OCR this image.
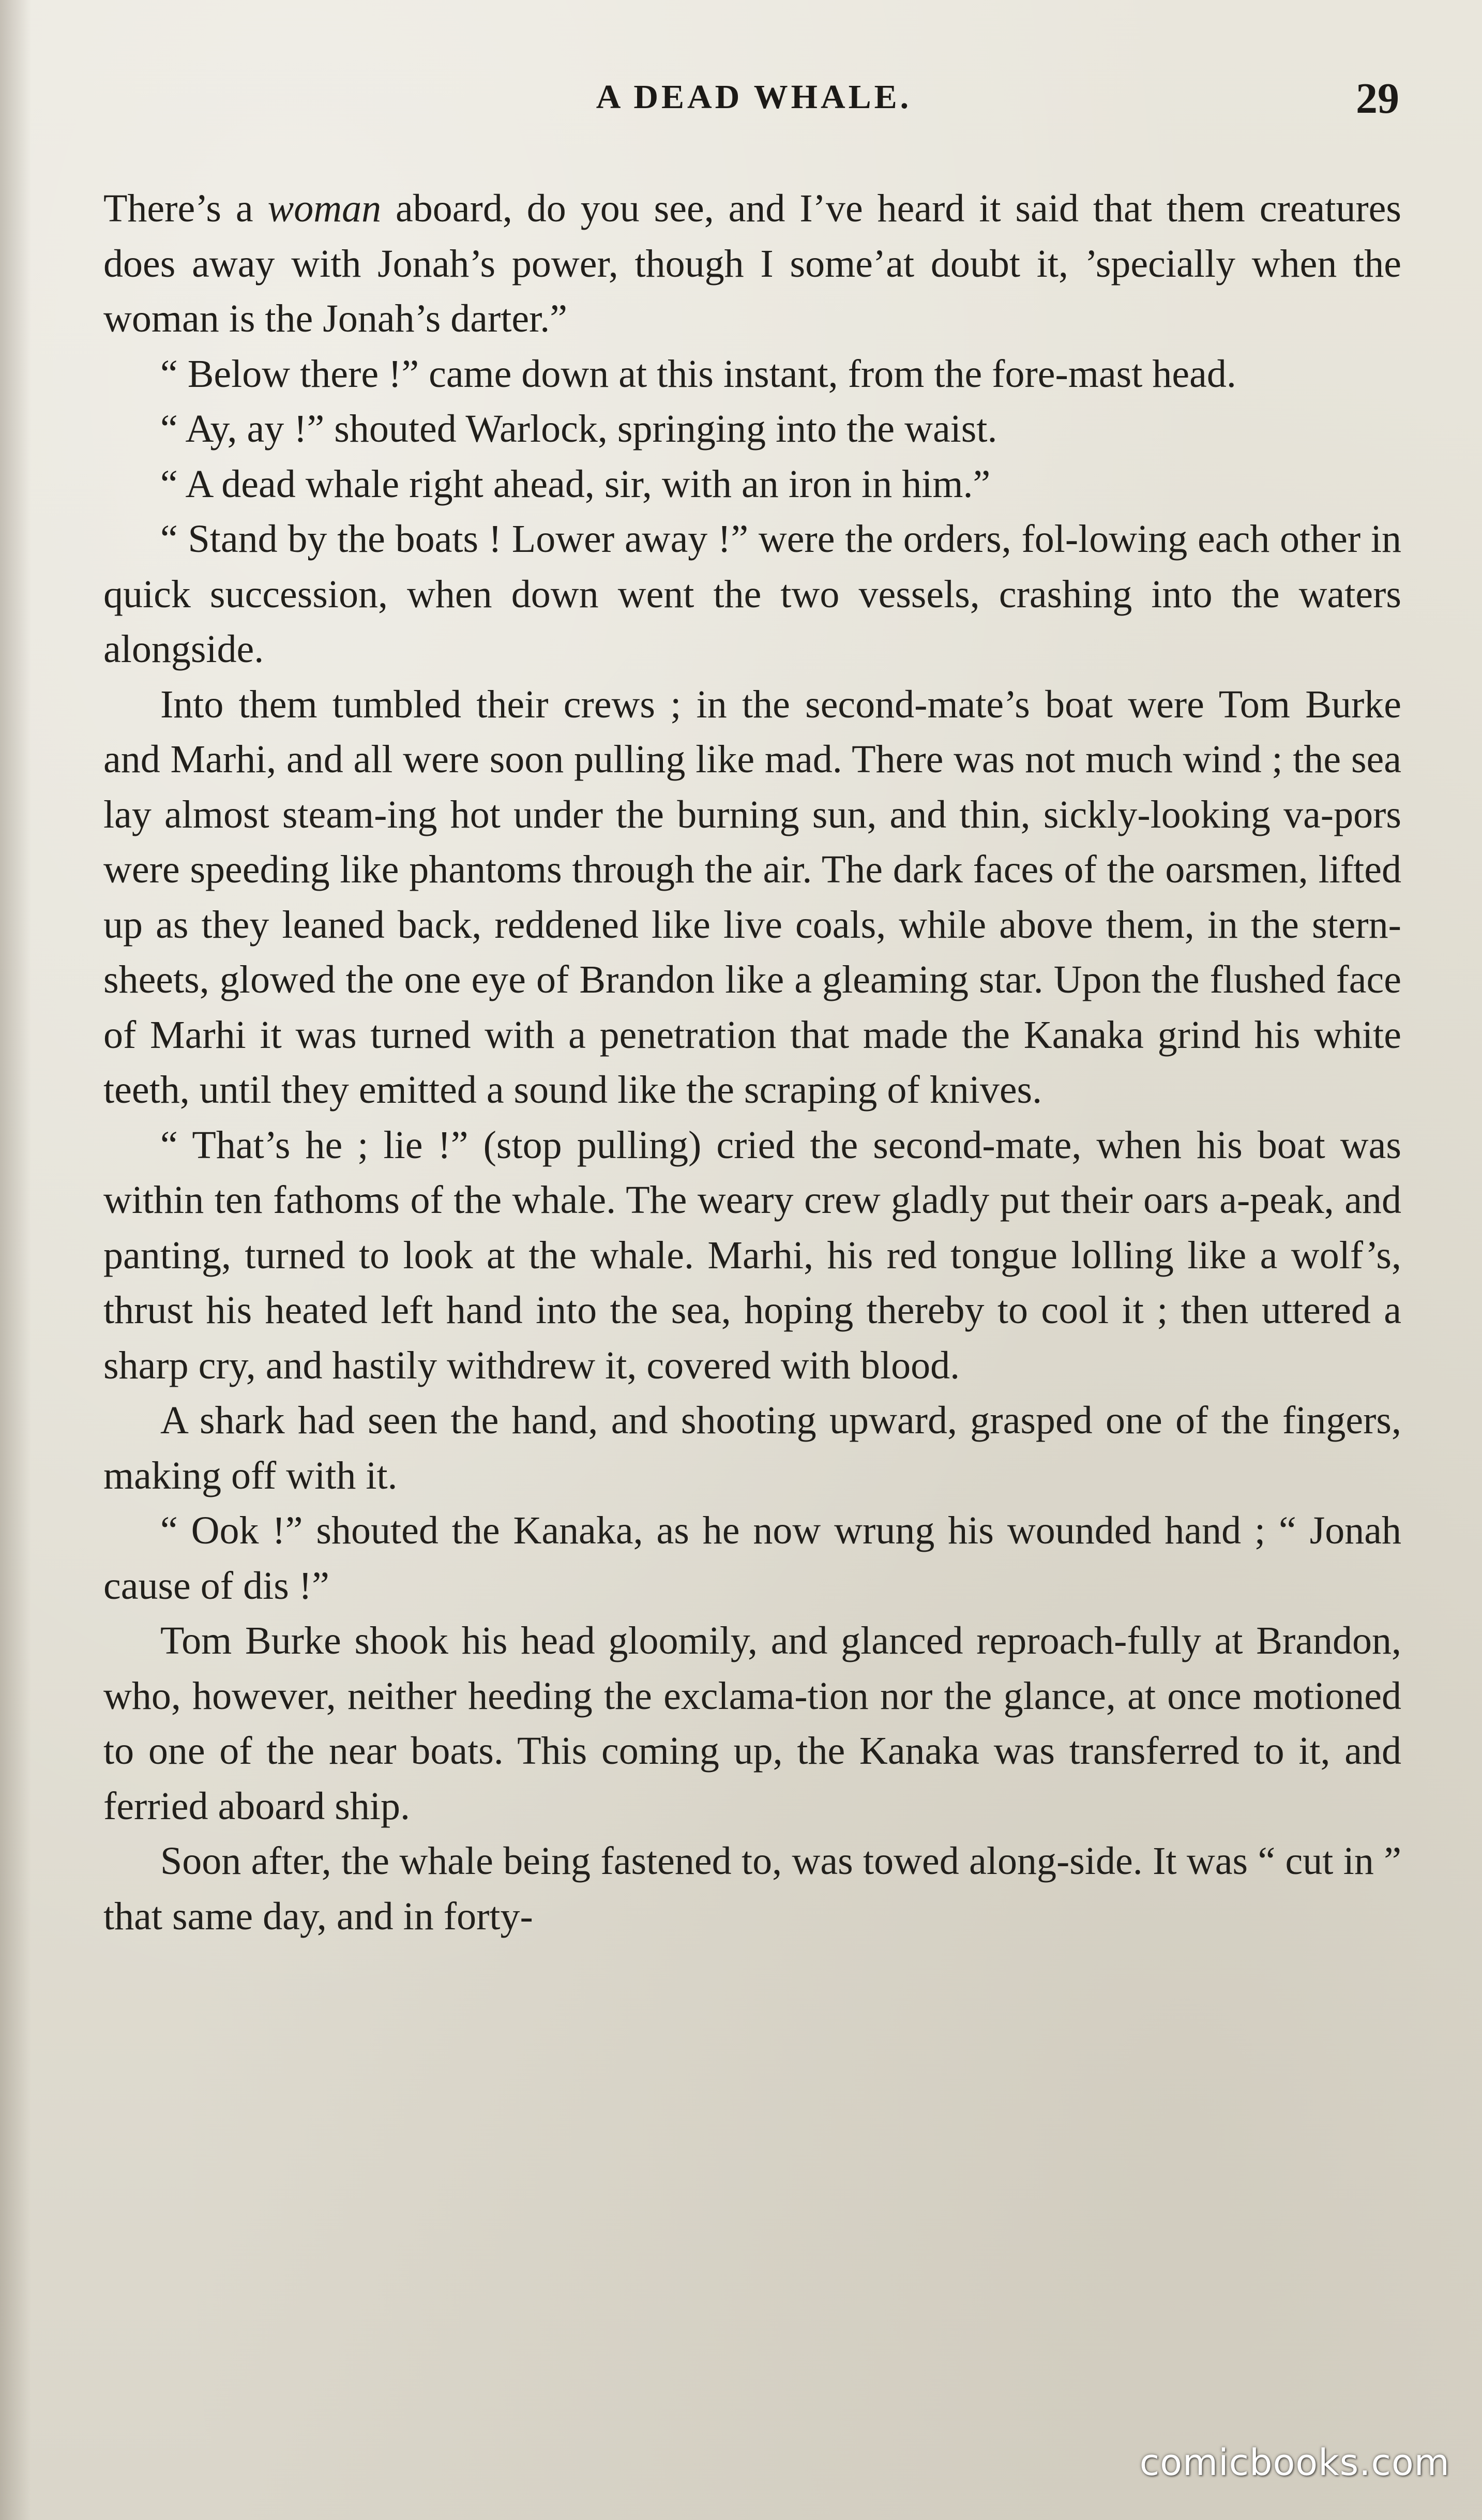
A DEAD WHALE.	29

There’s a woman aboard, do you see, and I’ve heard it said that them creatures does away with Jonah’s power, though I some’at doubt it, ’specially when the woman is the Jonah’s darter.”

“ Below there !” came down at this instant, from the fore-mast head.

“ Ay, ay !” shouted Warlock, springing into the waist.

“ A dead whale right ahead, sir, with an iron in him.”

“ Stand by the boats ! Lower away !” were the orders, fol-lowing each other in quick succession, when down went the two vessels, crashing into the waters alongside.

Into them tumbled their crews ; in the second-mate’s boat were Tom Burke and Marhi, and all were soon pulling like mad. There was not much wind ; the sea lay almost steam-ing hot under the burning sun, and thin, sickly-looking va-pors were speeding like phantoms through the air. The dark faces of the oarsmen, lifted up as they leaned back, reddened like live coals, while above them, in the stern-sheets, glowed the one eye of Brandon like a gleaming star. Upon the flushed face of Marhi it was turned with a penetration that made the Kanaka grind his white teeth, until they emitted a sound like the scraping of knives.

“ That’s he ; lie !” (stop pulling) cried the second-mate, when his boat was within ten fathoms of the whale. The weary crew gladly put their oars a-peak, and panting, turned to look at the whale. Marhi, his red tongue lolling like a wolf’s, thrust his heated left hand into the sea, hoping thereby to cool it ; then uttered a sharp cry, and hastily withdrew it, covered with blood.

A shark had seen the hand, and shooting upward, grasped one of the fingers, making off with it.

“ Ook !” shouted the Kanaka, as he now wrung his wounded hand ; “ Jonah cause of dis !”

Tom Burke shook his head gloomily, and glanced reproach-fully at Brandon, who, however, neither heeding the exclama-tion nor the glance, at once motioned to one of the near boats. This coming up, the Kanaka was transferred to it, and ferried aboard ship.

Soon after, the whale being fastened to, was towed along-side. It was “ cut in ” that same day, and in forty-

comicbooks.com
